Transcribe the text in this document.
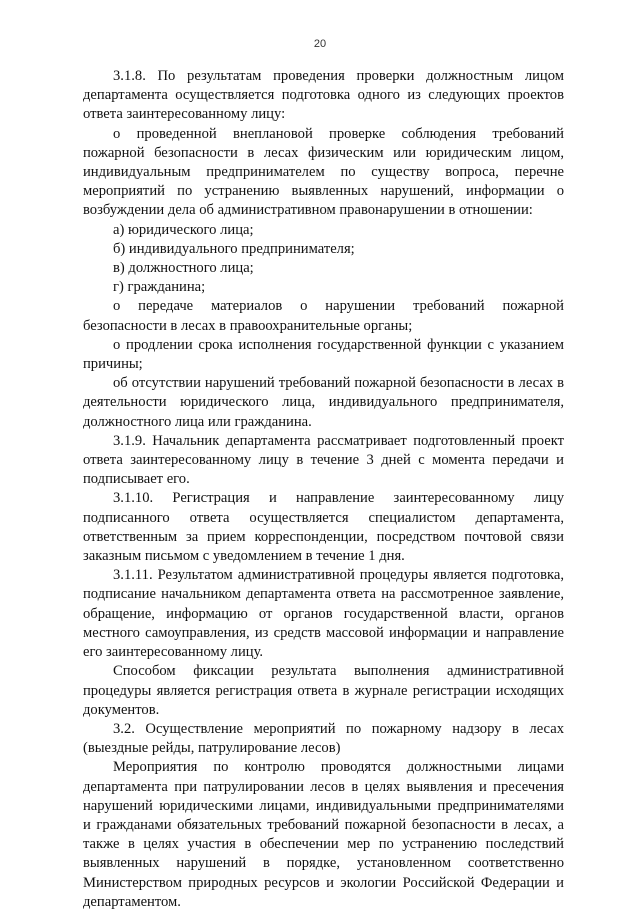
20

3.1.8. По результатам проведения проверки должностным лицом департамента осуществляется подготовка одного из следующих проектов ответа заинтересованному лицу:

о проведенной внеплановой проверке соблюдения требований пожарной безопасности в лесах физическим или юридическим лицом, индивидуальным предпринимателем по существу вопроса, перечне мероприятий по устранению выявленных нарушений, информации о возбуждении дела об административном правонарушении в отношении:

а) юридического лица;

б) индивидуального предпринимателя;

в) должностного лица;

г) гражданина;

о передаче материалов о нарушении требований пожарной безопасности в лесах в правоохранительные органы;

о продлении срока исполнения государственной функции с указанием причины;

об отсутствии нарушений требований пожарной безопасности в лесах в деятельности юридического лица, индивидуального предпринимателя, должностного лица или гражданина.

3.1.9. Начальник департамента рассматривает подготовленный проект ответа заинтересованному лицу в течение 3 дней с момента передачи и подписывает его.

3.1.10. Регистрация и направление заинтересованному лицу подписанного ответа осуществляется специалистом департамента, ответственным за прием корреспонденции, посредством почтовой связи заказным письмом с уведомлением в течение 1 дня.

3.1.11. Результатом административной процедуры является подготовка, подписание начальником департамента ответа на рассмотренное заявление, обращение, информацию от органов государственной власти, органов местного самоуправления, из средств массовой информации и направление его заинтересованному лицу.

Способом фиксации результата выполнения административной процедуры является регистрация ответа в журнале регистрации исходящих документов.

3.2. Осуществление мероприятий по пожарному надзору в лесах (выездные рейды, патрулирование лесов)

Мероприятия по контролю проводятся должностными лицами департамента при патрулировании лесов в целях выявления и пресечения нарушений юридическими лицами, индивидуальными предпринимателями и гражданами обязательных требований пожарной безопасности в лесах, а также в целях участия в обеспечении мер по устранению последствий выявленных нарушений в порядке, установленном соответственно Министерством природных ресурсов и экологии Российской Федерации и департаментом.
